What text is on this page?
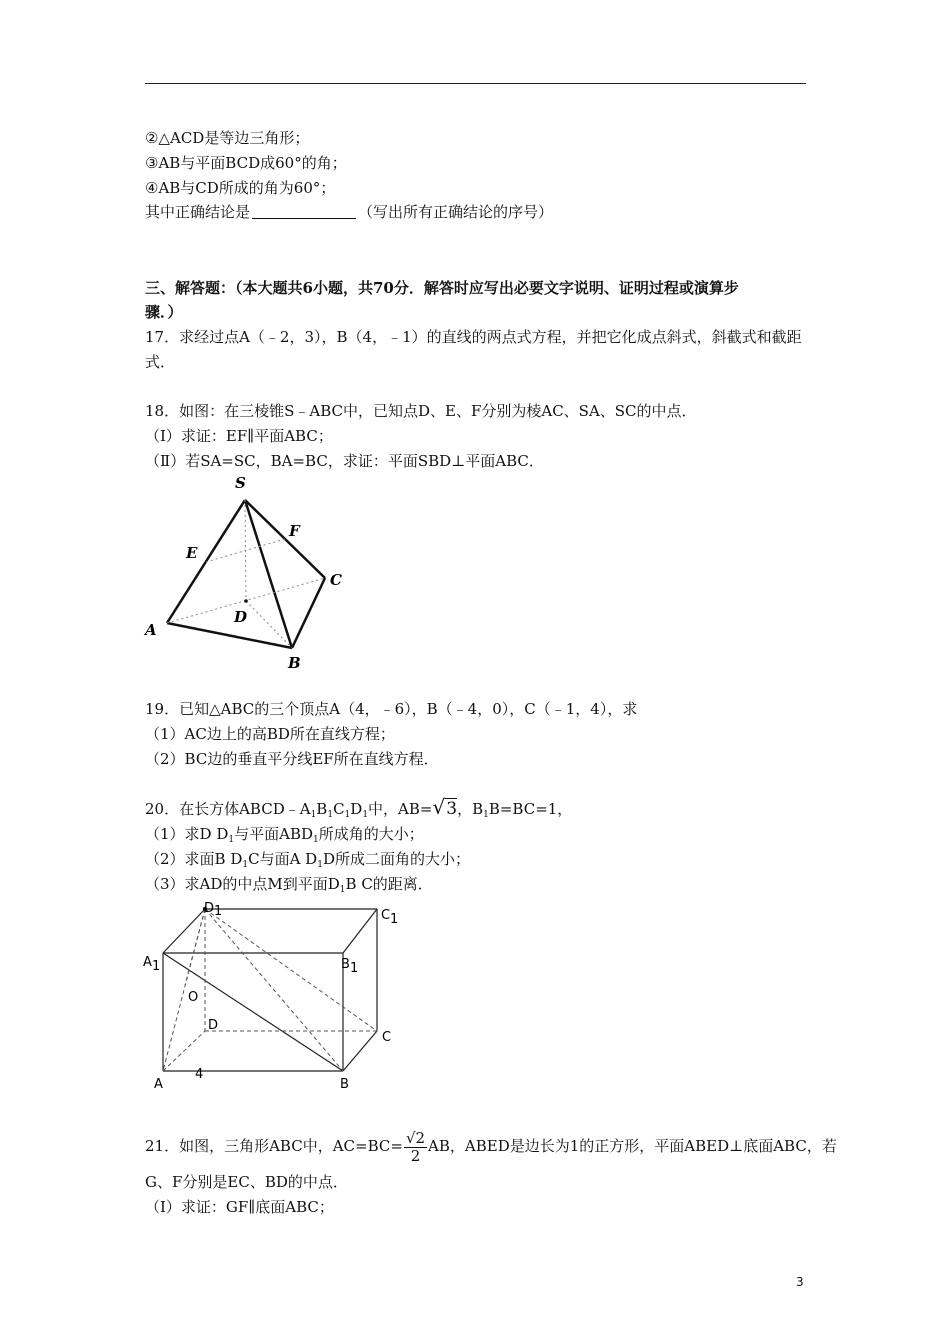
②△ACD是等边三角形；
③AB与平面BCD成60°的角；
④AB与CD所成的角为60°；
其中正确结论是	（写出所有正确结论的序号）
三、解答题：（本大题共6小题，共70分．解答时应写出必要文字说明、证明过程或演算步
骤．）
17．求经过点A（﹣2，3），B（4，﹣1）的直线的两点式方程，并把它化成点斜式，斜截式和截距
式．
18．如图：在三棱锥S﹣ABC中，已知点D、E、F分别为棱AC、SA、SC的中点．
（Ⅰ）求证：EF∥平面ABC；
（Ⅱ）若SA=SC，BA=BC，求证：平面SBD⊥平面ABC．
S
F
E
C
D
A
B
19．已知△ABC的三个顶点A（4，﹣6），B（﹣4，0），C（﹣1，4），求
（1）AC边上的高BD所在直线方程；
（2）BC边的垂直平分线EF所在直线方程．
20．在长方体$ABCD﹣A_1B_1C_1D_1$中，AB=√3，$B_1B=BC=1$，
（1）求D $D_1$与平面$ABD_1$所成角的大小；
（2）求面B $D_1C$与面A $D_1D$所成二面角的大小；
（3）求AD的中点M到平面$D_1B$ C的距离．
D 1	C 1
A 1	B 1
O
D
C
A
4
B
21．如图，三角形ABC中，$AC=BC= \frac{√2}{2}$ AB，ABED是边长为1的正方形，平面ABED⊥底面ABC，若
G、F分别是EC、BD的中点．
（Ⅰ）求证：GF∥底面ABC；
3
